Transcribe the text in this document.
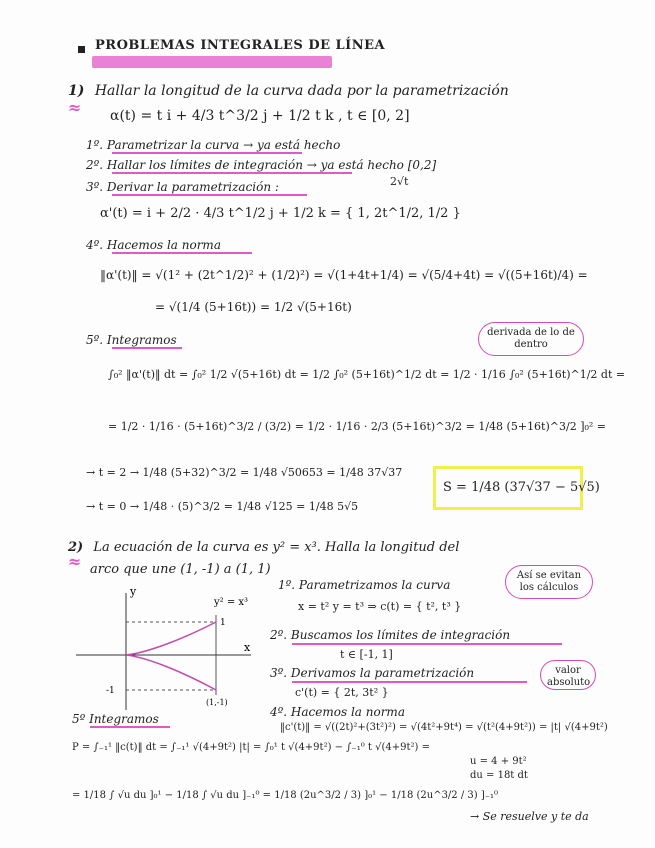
PROBLEMAS INTEGRALES DE LÍNEA
1) Hallar la longitud de la curva dada por la parametrización
≈ α(t) = t i + 4/3 t^3/2 j + 1/2 t k , t ∈ [0, 2]
1º. Parametrizar la curva → ya está hecho
2º. Hallar los límites de integración → ya está hecho [0,2]
2√t
3º. Derivar la parametrización :
α'(t) = i + 2/2 · 4/3 t^1/2 j + 1/2 k = { 1, 2t^1/2, 1/2 }
4º. Hacemos la norma
‖α'(t)‖ = √(1² + (2t^1/2)² + (1/2)²) = √(1+4t+1/4) = √(5/4+4t) = √((5+16t)/4) =
= √(1/4 (5+16t)) = 1/2 √(5+16t)
5º. Integramos
derivada de lo de dentro
∫₀² ‖α'(t)‖ dt = ∫₀² 1/2 √(5+16t) dt = 1/2 ∫₀² (5+16t)^1/2 dt = 1/2 · 1/16 ∫₀² (5+16t)^1/2 dt =
= 1/2 · 1/16 · (5+16t)^3/2 / (3/2) = 1/2 · 1/16 · 2/3 (5+16t)^3/2 = 1/48 (5+16t)^3/2 ]₀² =
→ t = 2 → 1/48 (5+32)^3/2 = 1/48 √50653 = 1/48 37√37
→ t = 0 → 1/48 · (5)^3/2 = 1/48 √125 = 1/48 5√5
S = 1/48 (37√37 − 5√5)
2) La ecuación de la curva es y² = x³. Halla la longitud del
≈ arco que une (1, -1) a (1, 1)
y
x
y² = x³
1
-1
(1,-1)
1º. Parametrizamos la curva
x = t² y = t³ ⇒ c(t) = { t², t³ }
Así se evitan los cálculos
2º. Buscamos los límites de integración
t ∈ [-1, 1]
3º. Derivamos la parametrización
c'(t) = { 2t, 3t² }
valor absoluto
4º. Hacemos la norma
‖c'(t)‖ = √((2t)²+(3t²)²) = √(4t²+9t⁴) = √(t²(4+9t²)) = |t| √(4+9t²)
5º Integramos
P = ∫₋₁¹ ‖c(t)‖ dt = ∫₋₁¹ √(4+9t²) |t| = ∫₀¹ t √(4+9t²) − ∫₋₁⁰ t √(4+9t²) =
u = 4 + 9t²
du = 18t dt
= 1/18 ∫ √u du ]₀¹ − 1/18 ∫ √u du ]₋₁⁰ = 1/18 (2u^3/2 / 3) ]₀¹ − 1/18 (2u^3/2 / 3) ]₋₁⁰
→ Se resuelve y te da
